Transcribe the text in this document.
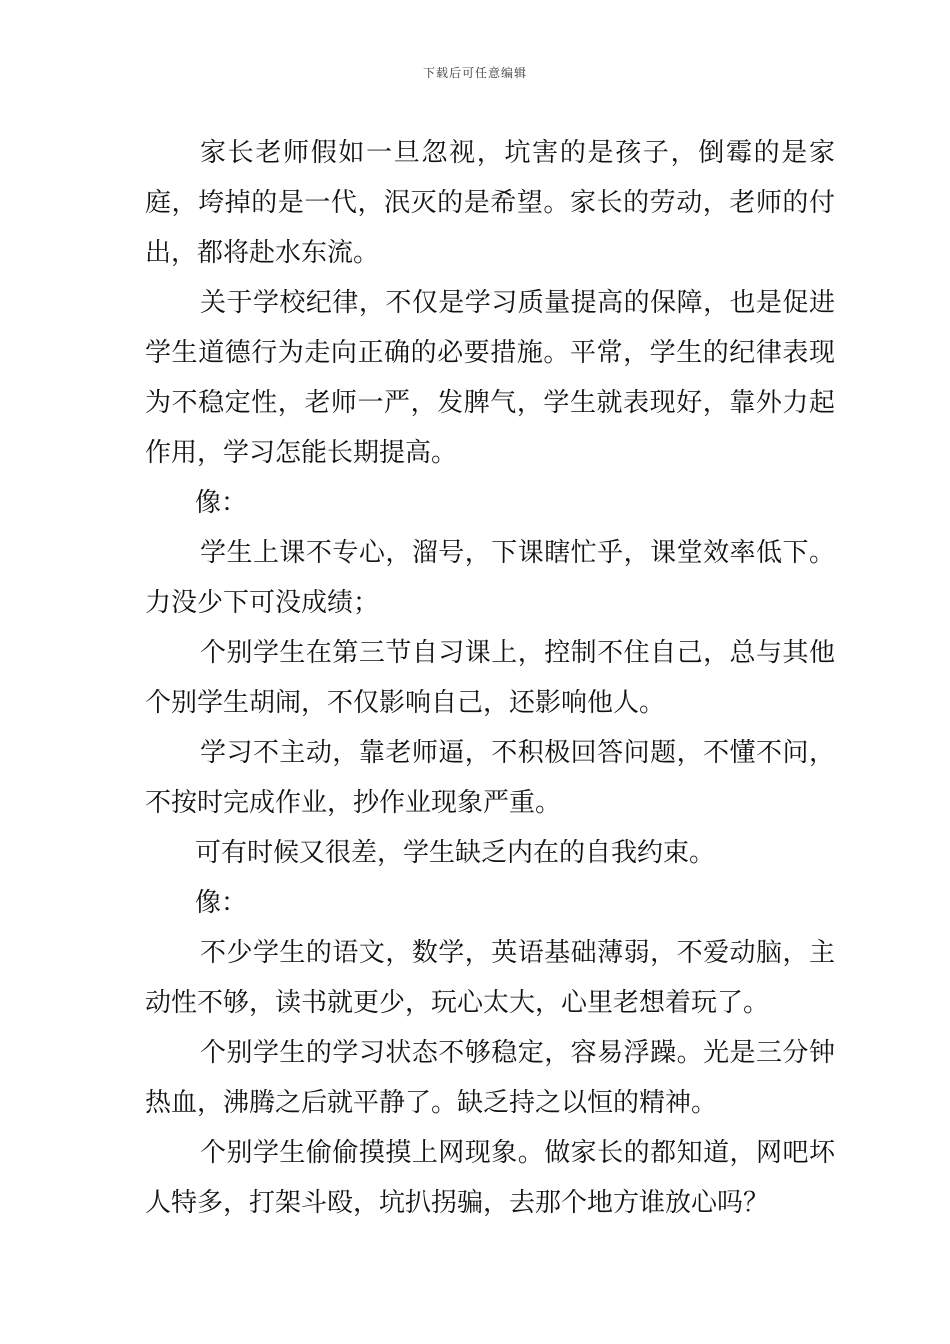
下载后可任意编辑

家长老师假如一旦忽视，坑害的是孩子，倒霉的是家庭，垮掉的是一代，泯灭的是希望。家长的劳动，老师的付出，都将赴水东流。

关于学校纪律，不仅是学习质量提高的保障，也是促进学生道德行为走向正确的必要措施。平常，学生的纪律表现为不稳定性，老师一严，发脾气，学生就表现好，靠外力起作用，学习怎能长期提高。

像：

学生上课不专心，溜号，下课瞎忙乎，课堂效率低下。力没少下可没成绩；

个别学生在第三节自习课上，控制不住自己，总与其他个别学生胡闹，不仅影响自己，还影响他人。

学习不主动，靠老师逼，不积极回答问题，不懂不问，不按时完成作业，抄作业现象严重。

可有时候又很差，学生缺乏内在的自我约束。

像：

不少学生的语文，数学，英语基础薄弱，不爱动脑，主动性不够，读书就更少，玩心太大，心里老想着玩了。

个别学生的学习状态不够稳定，容易浮躁。光是三分钟热血，沸腾之后就平静了。缺乏持之以恒的精神。

个别学生偷偷摸摸上网现象。做家长的都知道，网吧坏人特多，打架斗殴，坑扒拐骗，去那个地方谁放心吗？
